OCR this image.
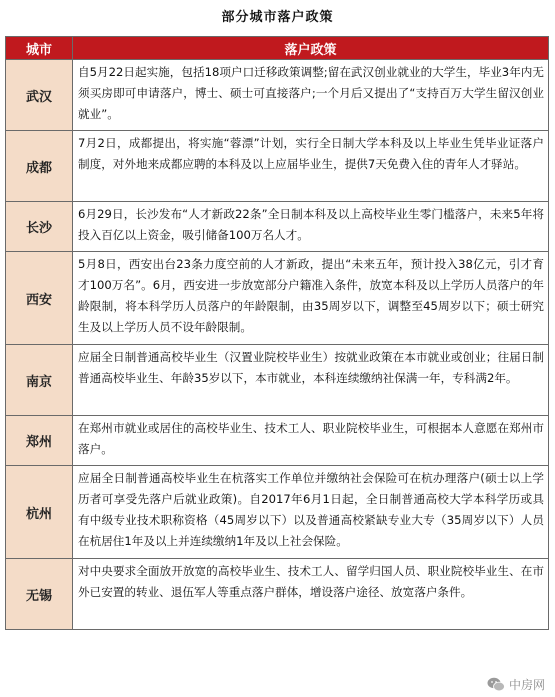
部分城市落户政策
城市	落户政策
武汉	自5月22日起实施，包括18项户口迁移政策调整;留在武汉创业就业的大学生，毕业3年内无须买房即可申请落户，博士、硕士可直接落户;一个月后又提出了“支持百万大学生留汉创业就业”。
成都	7月2日，成都提出，将实施“蓉漂”计划，实行全日制大学本科及以上毕业生凭毕业证落户制度，对外地来成都应聘的本科及以上应届毕业生，提供7天免费入住的青年人才驿站。
长沙	6月29日，长沙发布“人才新政22条”全日制本科及以上高校毕业生零门槛落户，未来5年将投入百亿以上资金，吸引储备100万名人才。
西安	5月8日，西安出台23条力度空前的人才新政，提出“未来五年，预计投入38亿元，引才育才100万名”。6月，西安进一步放宽部分户籍准入条件，放宽本科及以上学历人员落户的年龄限制，将本科学历人员落户的年龄限制，由35周岁以下，调整至45周岁以下；硕士研究生及以上学历人员不设年龄限制。
南京	应届全日制普通高校毕业生（汉置业院校毕业生）按就业政策在本市就业或创业；往届日制普通高校毕业生、年龄35岁以下，本市就业，本科连续缴纳社保满一年，专科满2年。
郑州	在郑州市就业或居住的高校毕业生、技术工人、职业院校毕业生，可根据本人意愿在郑州市落户。
杭州	应届全日制普通高校毕业生在杭落实工作单位并缴纳社会保险可在杭办理落户(硕士以上学历者可享受先落户后就业政策)。自2017年6月1日起，全日制普通高校大学本科学历或具有中级专业技术职称资格（45周岁以下）以及普通高校紧缺专业大专（35周岁以下）人员在杭居住1年及以上并连续缴纳1年及以上社会保险。
无锡	对中央要求全面放开放宽的高校毕业生、技术工人、留学归国人员、职业院校毕业生、在市外已安置的转业、退伍军人等重点落户群体，增设落户途径、放宽落户条件。
中房网
